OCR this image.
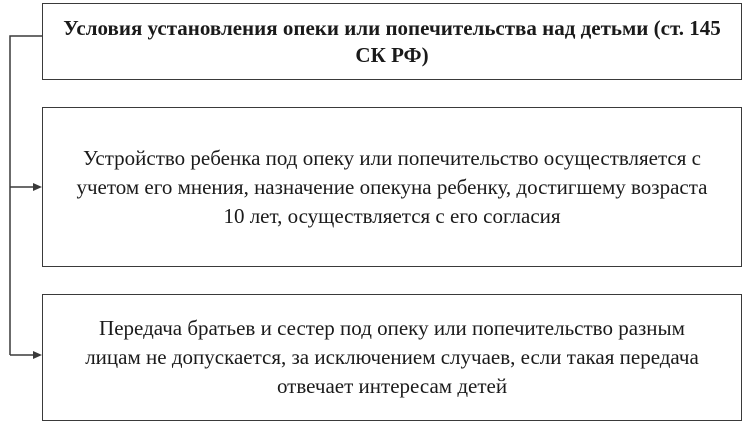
Условия установления опеки или попечительства над детьми (ст. 145 СК РФ)
Устройство ребенка под опеку или попечительство осуществляется с учетом его мнения, назначение опекуна ребенку, достигшему возраста 10 лет, осуществляется с его согласия
Передача братьев и сестер под опеку или попечительство разным лицам не допускается, за исключением случаев, если такая передача отвечает интересам детей
